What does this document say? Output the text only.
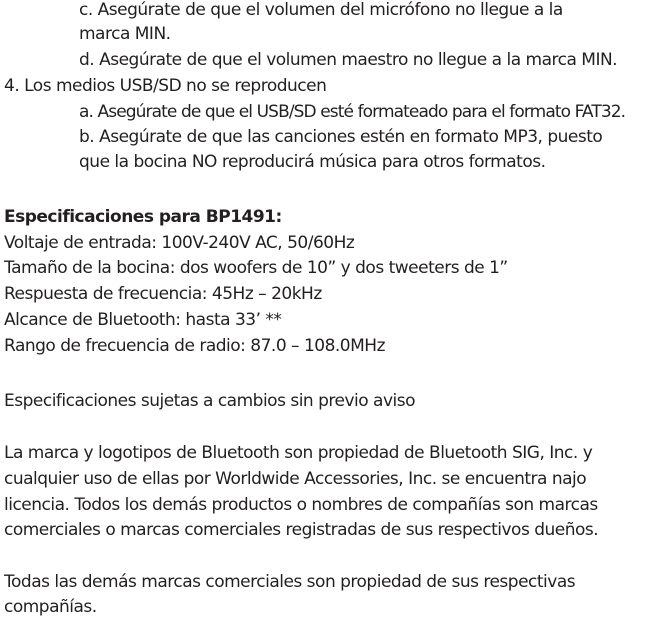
c. Asegúrate de que el volumen del micrófono no llegue a la
marca MIN.
d. Asegúrate de que el volumen maestro no llegue a la marca MIN.
4. Los medios USB/SD no se reproducen
a. Asegúrate de que el USB/SD esté formateado para el formato FAT32.
b. Asegúrate de que las canciones estén en formato MP3, puesto
que la bocina NO reproducirá música para otros formatos.
Especificaciones para BP1491:
Voltaje de entrada: 100V-240V AC, 50/60Hz
Tamaño de la bocina: dos woofers de 10” y dos tweeters de 1”
Respuesta de frecuencia: 45Hz – 20kHz
Alcance de Bluetooth: hasta 33’ **
Rango de frecuencia de radio: 87.0 – 108.0MHz
Especificaciones sujetas a cambios sin previo aviso
La marca y logotipos de Bluetooth son propiedad de Bluetooth SIG, Inc. y
cualquier uso de ellas por Worldwide Accessories, Inc. se encuentra najo
licencia. Todos los demás productos o nombres de compañías son marcas
comerciales o marcas comerciales registradas de sus respectivos dueños.
Todas las demás marcas comerciales son propiedad de sus respectivas
compañías.
